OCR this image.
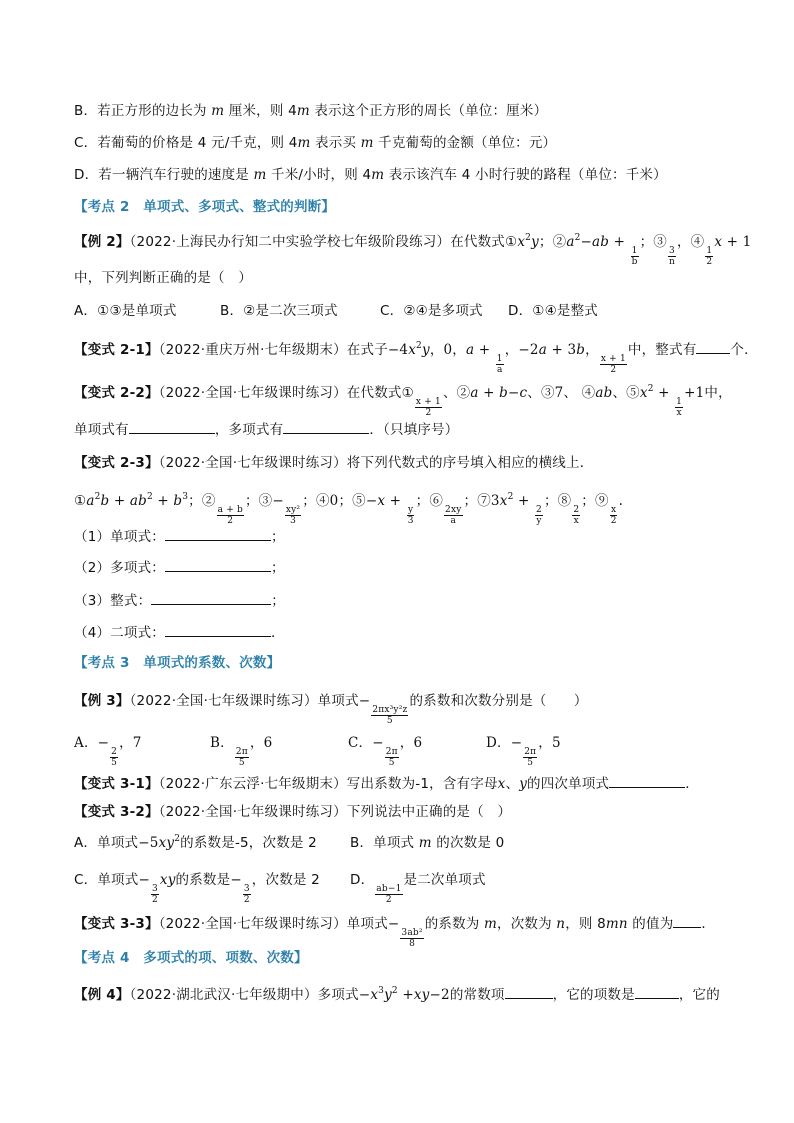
B．若正方形的边长为 m 厘米，则 4m 表示这个正方形的周长（单位：厘米）
C．若葡萄的价格是 4 元/千克，则 4m 表示买 m 千克葡萄的金额（单位：元）
D．若一辆汽车行驶的速度是 m 千米/小时，则 4m 表示该汽车 4 小时行驶的路程（单位：千米）
【考点 2　单项式、多项式、整式的判断】
【例 2】（2022·上海民办行知二中实验学校七年级阶段练习）在代数式$①x^2y$；$②a^2-ab$ +
$\frac{1}{b}$
；③
$\frac{3}{n}$
，④
$\frac{1}{2}$
x + 1
中，下列判断正确的是（　）
A．①③是单项式	B．②是二次三项式	C．②④是多项式 D．①④是整式
【变式 2-1】（2022·重庆万州·七年级期末）在式子$-4x^2y$，0，a +
$\frac{1}{a}$
，−2a + 3b，
$\frac{x + 1}{2}$
中，整式有	个．
【变式 2-2】（2022·全国·七年级课时练习）在代数式①
$\frac{x + 1}{2}$
、②a + b−c、③7、 ④ab、$⑤x^2$ +
$\frac{1}{x}$
+1中，
单项式有	，多项式有	．（只填序号）
【变式 2-3】（2022·全国·七年级课时练习）将下列代数式的序号填入相应的横线上．
$①a^2b + ab^2 + b^3$；②
$\frac{a + b}{2}$
；③−
$\frac{\text{xy²}}{3}$
；④0；⑤−x +
$\frac{y}{3}$
；⑥
$\frac{2xy}{a}$
；$⑦3x^2$ +
$\frac{2}{y}$
；⑧
$\frac{2}{x}$
；⑨
$\frac{x}{2}$
.
（1）单项式：	；
（2）多项式：	；
（3）整式：	；
（4）二项式：	．
【考点 3　单项式的系数、次数】
【例 3】（2022·全国·七年级课时练习）单项式−
$\frac{\text{2πx³y²z}}{5}$
的系数和次数分别是（　　）
A．−
$\frac{2}{5}$
，7	B．
$\frac{2\pi}{5}$
，6	C．−
$\frac{2\pi}{5}$
，6	D．−
$\frac{2\pi}{5}$
，5
【变式 3-1】（2022·广东云浮·七年级期末）写出系数为-1，含有字母x、y的四次单项式	．
【变式 3-2】（2022·全国·七年级课时练习）下列说法中正确的是（　）
A．单项式$-5xy^2$的系数是-5，次数是 2 B．单项式 m 的次数是 0
C．单项式−
$\frac{3}{2}$
xy的系数是−
$\frac{3}{2}$
，次数是 2 D．
$\frac{ab-1}{2}$
是二次单项式
【变式 3-3】（2022·全国·七年级课时练习）单项式−
$\frac{\text{3ab²}}{8}$
的系数为 m，次数为 n，则 8mn 的值为 ．
【考点 4　多项式的项、项数、次数】
【例 4】（2022·湖北武汉·七年级期中）多项式$-x^3y^2 +xy-2$的常数项	，它的项数是	，它的
